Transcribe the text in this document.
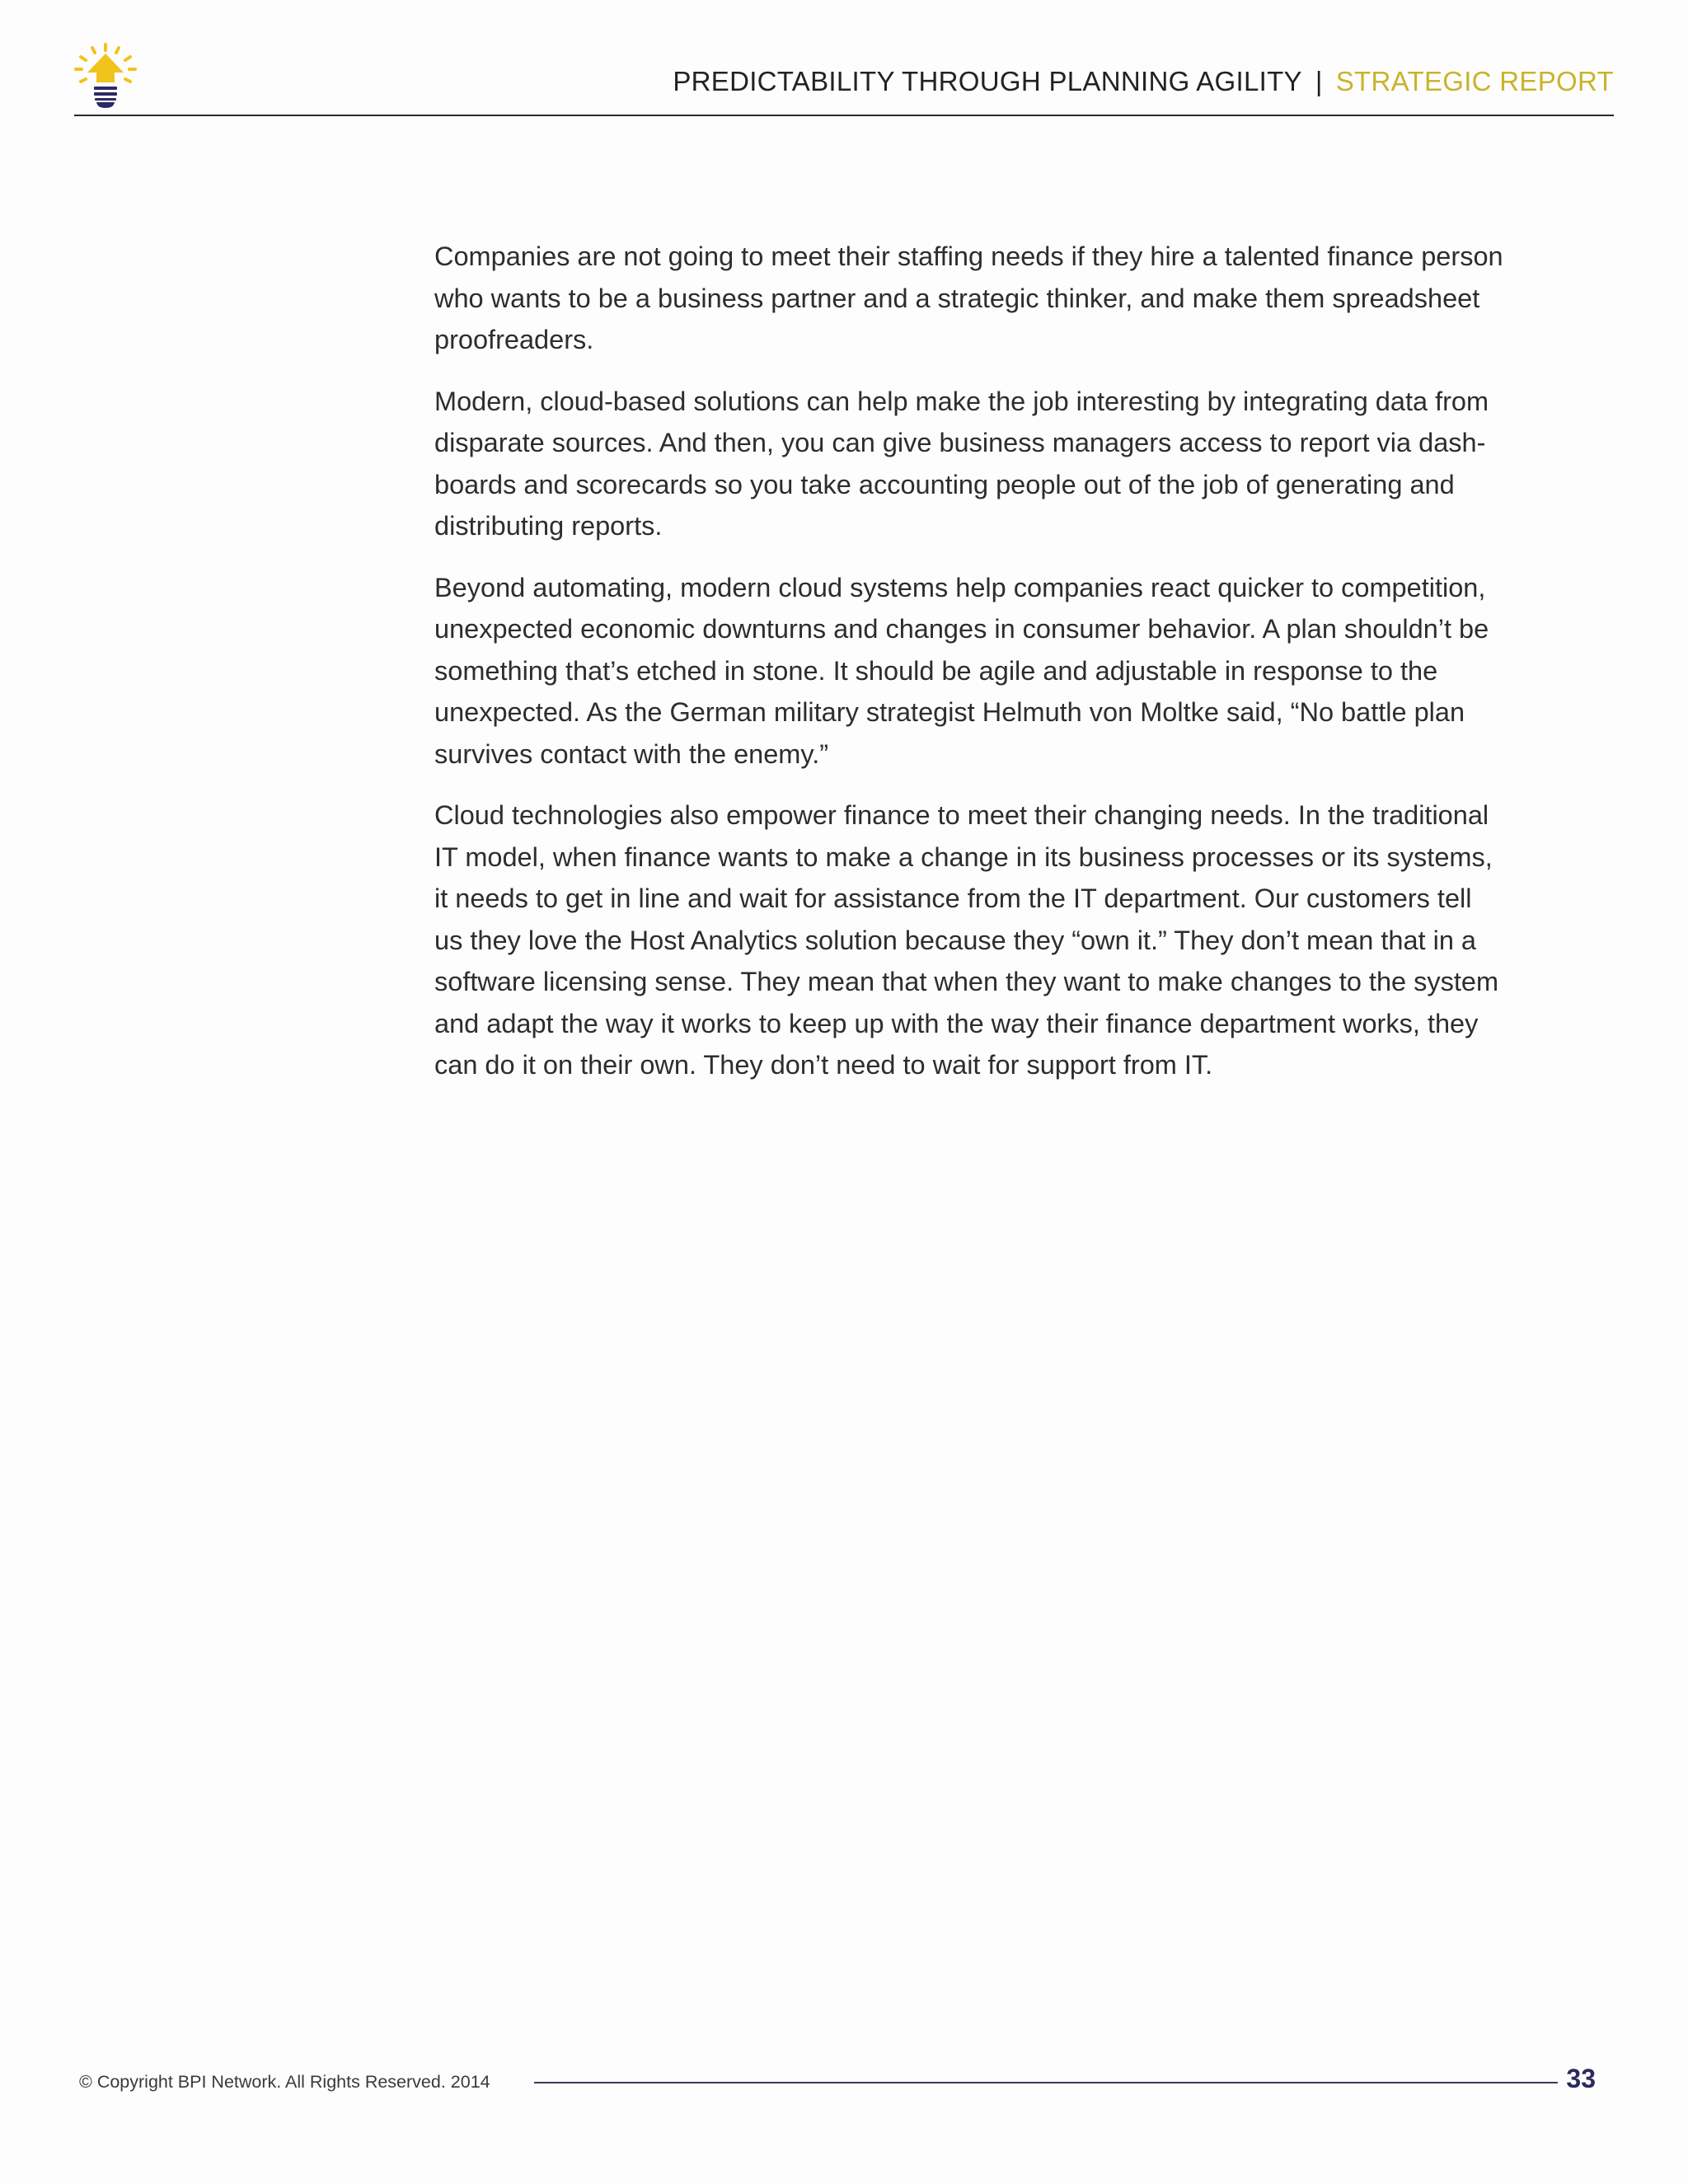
PREDICTABILITY THROUGH PLANNING AGILITY | STRATEGIC REPORT

Companies are not going to meet their staffing needs if they hire a talented finance person who wants to be a business partner and a strategic thinker, and make them spreadsheet proofreaders.

Modern, cloud-based solutions can help make the job interesting by integrating data from disparate sources. And then, you can give business managers access to report via dash-boards and scorecards so you take accounting people out of the job of generating and distributing reports.

Beyond automating, modern cloud systems help companies react quicker to competition, unexpected economic downturns and changes in consumer behavior. A plan shouldn’t be something that’s etched in stone. It should be agile and adjustable in response to the unexpected. As the German military strategist Helmuth von Moltke said, “No battle plan survives contact with the enemy.”

Cloud technologies also empower finance to meet their changing needs. In the traditional IT model, when finance wants to make a change in its business processes or its systems, it needs to get in line and wait for assistance from the IT department. Our customers tell us they love the Host Analytics solution because they “own it.” They don’t mean that in a software licensing sense. They mean that when they want to make changes to the system and adapt the way it works to keep up with the way their finance department works, they can do it on their own. They don’t need to wait for support from IT.

© Copyright BPI Network. All Rights Reserved. 2014	33
